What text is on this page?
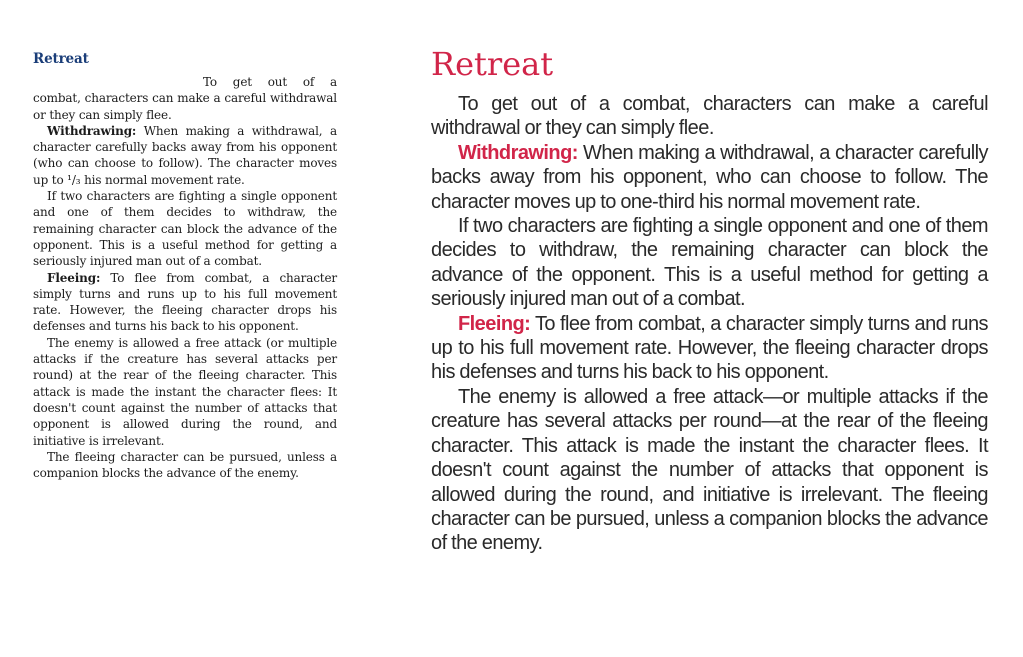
Retreat

To get out of a combat, characters can make a careful withdrawal or they can simply flee.

Withdrawing: When making a withdrawal, a character carefully backs away from his opponent (who can choose to follow). The character moves up to ¹/₃ his normal movement rate.

If two characters are fighting a single opponent and one of them decides to withdraw, the remaining character can block the advance of the opponent. This is a useful method for getting a seriously injured man out of a combat.

Fleeing: To flee from combat, a character simply turns and runs up to his full movement rate. However, the fleeing character drops his defenses and turns his back to his opponent.

The enemy is allowed a free attack (or multiple attacks if the creature has several attacks per round) at the rear of the fleeing character. This attack is made the instant the character flees: It doesn't count against the number of attacks that opponent is allowed during the round, and initiative is irrelevant.

The fleeing character can be pursued, unless a companion blocks the advance of the enemy.

Retreat

To get out of a combat, characters can make a careful withdrawal or they can simply flee.

Withdrawing: When making a withdrawal, a character carefully backs away from his opponent, who can choose to follow. The character moves up to one-third his normal movement rate.

If two characters are fighting a single opponent and one of them decides to withdraw, the remaining character can block the advance of the opponent. This is a useful method for getting a seriously injured man out of a combat.

Fleeing: To flee from combat, a character simply turns and runs up to his full movement rate. However, the fleeing character drops his defenses and turns his back to his opponent.

The enemy is allowed a free attack—or multiple attacks if the creature has several attacks per round—at the rear of the fleeing character. This attack is made the instant the character flees. It doesn't count against the number of attacks that opponent is allowed during the round, and initiative is irrelevant. The fleeing character can be pursued, unless a companion blocks the advance of the enemy.
